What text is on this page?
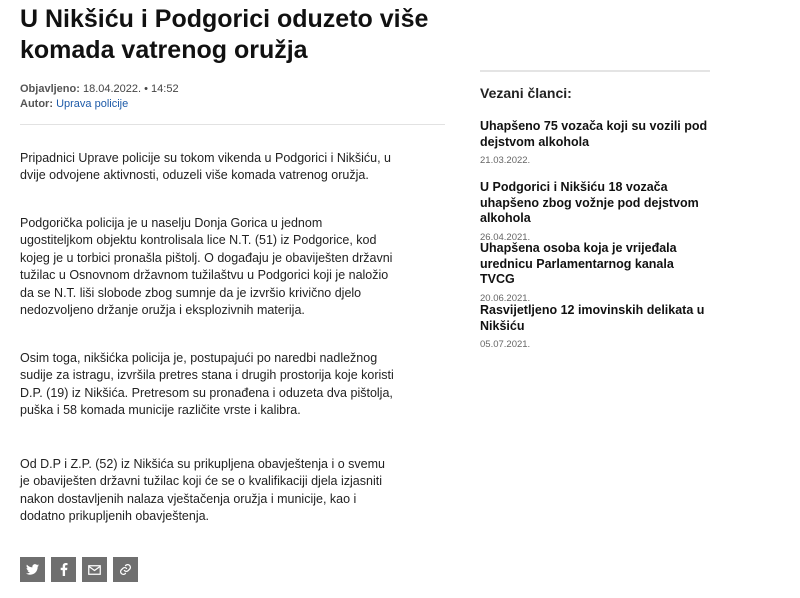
U Nikšiću i Podgorici oduzeto više komada vatrenog oružja
Objavljeno: 18.04.2022. • 14:52
Autor: Uprava policije

Pripadnici Uprave policije su tokom vikenda u Podgorici i Nikšiću, u dvije odvojene aktivnosti, oduzeli više komada vatrenog oružja.

Podgorička policija je u naselju Donja Gorica u jednom ugostiteljkom objektu kontrolisala lice N.T. (51) iz Podgorice, kod kojeg je u torbici pronašla pištolj. O događaju je obaviješten državni tužilac u Osnovnom državnom tužilaštvu u Podgorici koji je naložio da se N.T. liši slobode zbog sumnje da je izvršio krivično djelo nedozvoljeno držanje oružja i eksplozivnih materija.

Osim toga, nikšićka policija je, postupajući po naredbi nadležnog sudije za istragu, izvršila pretres stana i drugih prostorija koje koristi D.P. (19) iz Nikšića. Pretresom su pronađena i oduzeta dva pištolja, puška i 58 komada municije različite vrste i kalibra.

Od D.P i Z.P. (52) iz Nikšića su prikupljena obavještenja i o svemu je obaviješten državni tužilac koji će se o kvalifikaciji djela izjasniti nakon dostavljenih nalaza vještačenja oružja i municije, kao i dodatno prikupljenih obavještenja.

Vezani članci:
Uhapšeno 75 vozača koji su vozili pod dejstvom alkohola
21.03.2022.
U Podgorici i Nikšiću 18 vozača uhapšeno zbog vožnje pod dejstvom alkohola
26.04.2021.
Uhapšena osoba koja je vrijeđala urednicu Parlamentarnog kanala TVCG
20.06.2021.
Rasvijetljeno 12 imovinskih delikata u Nikšiću
05.07.2021.
